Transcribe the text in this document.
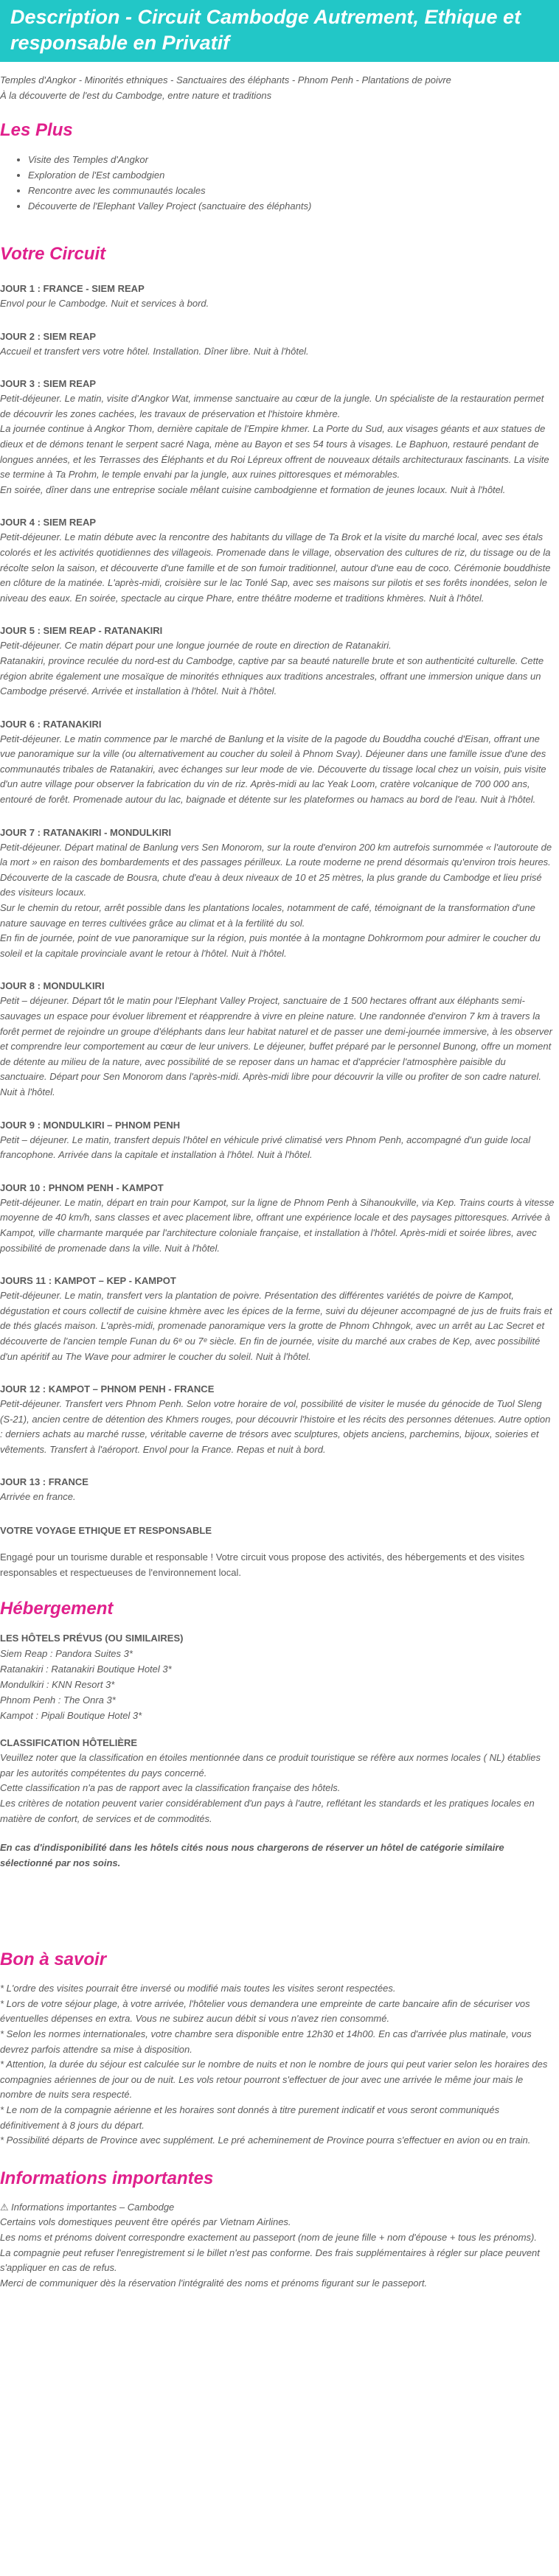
Description - Circuit Cambodge Autrement, Ethique et responsable en Privatif
Temples d'Angkor - Minorités ethniques - Sanctuaires des éléphants - Phnom Penh - Plantations de poivre
À la découverte de l'est du Cambodge, entre nature et traditions
Les Plus
• Visite des Temples d'Angkor
• Exploration de l'Est cambodgien
• Rencontre avec les communautés locales
• Découverte de l'Elephant Valley Project (sanctuaire des éléphants)
Votre Circuit
JOUR 1 : FRANCE - SIEM REAP
Envol pour le Cambodge. Nuit et services à bord.
JOUR 2 : SIEM REAP
Accueil et transfert vers votre hôtel. Installation. Dîner libre. Nuit à l'hôtel.
JOUR 3 : SIEM REAP
Petit-déjeuner. Le matin, visite d'Angkor Wat, immense sanctuaire au cœur de la jungle. Un spécialiste de la restauration permet de découvrir les zones cachées, les travaux de préservation et l'histoire khmère.
La journée continue à Angkor Thom, dernière capitale de l'Empire khmer. La Porte du Sud, aux visages géants et aux statues de dieux et de démons tenant le serpent sacré Naga, mène au Bayon et ses 54 tours à visages. Le Baphuon, restauré pendant de longues années, et les Terrasses des Éléphants et du Roi Lépreux offrent de nouveaux détails architecturaux fascinants. La visite se termine à Ta Prohm, le temple envahi par la jungle, aux ruines pittoresques et mémorables.
En soirée, dîner dans une entreprise sociale mêlant cuisine cambodgienne et formation de jeunes locaux. Nuit à l'hôtel.
JOUR 4 : SIEM REAP
Petit-déjeuner. Le matin débute avec la rencontre des habitants du village de Ta Brok et la visite du marché local, avec ses étals colorés et les activités quotidiennes des villageois. Promenade dans le village, observation des cultures de riz, du tissage ou de la récolte selon la saison, et découverte d'une famille et de son fumoir traditionnel, autour d'une eau de coco. Cérémonie bouddhiste en clôture de la matinée. L'après-midi, croisière sur le lac Tonlé Sap, avec ses maisons sur pilotis et ses forêts inondées, selon le niveau des eaux. En soirée, spectacle au cirque Phare, entre théâtre moderne et traditions khmères. Nuit à l'hôtel.
JOUR 5 : SIEM REAP - RATANAKIRI
Petit-déjeuner. Ce matin départ pour une longue journée de route en direction de Ratanakiri.
Ratanakiri, province reculée du nord-est du Cambodge, captive par sa beauté naturelle brute et son authenticité culturelle. Cette région abrite également une mosaïque de minorités ethniques aux traditions ancestrales, offrant une immersion unique dans un Cambodge préservé. Arrivée et installation à l'hôtel. Nuit à l'hôtel.
JOUR 6 : RATANAKIRI
Petit-déjeuner. Le matin commence par le marché de Banlung et la visite de la pagode du Bouddha couché d'Eisan, offrant une vue panoramique sur la ville (ou alternativement au coucher du soleil à Phnom Svay). Déjeuner dans une famille issue d'une des communautés tribales de Ratanakiri, avec échanges sur leur mode de vie. Découverte du tissage local chez un voisin, puis visite d'un autre village pour observer la fabrication du vin de riz. Après-midi au lac Yeak Loom, cratère volcanique de 700 000 ans, entouré de forêt. Promenade autour du lac, baignade et détente sur les plateformes ou hamacs au bord de l'eau. Nuit à l'hôtel.
JOUR 7 : RATANAKIRI - MONDULKIRI
Petit-déjeuner. Départ matinal de Banlung vers Sen Monorom, sur la route d'environ 200 km autrefois surnommée « l'autoroute de la mort » en raison des bombardements et des passages périlleux. La route moderne ne prend désormais qu'environ trois heures. Découverte de la cascade de Bousra, chute d'eau à deux niveaux de 10 et 25 mètres, la plus grande du Cambodge et lieu prisé des visiteurs locaux.
Sur le chemin du retour, arrêt possible dans les plantations locales, notamment de café, témoignant de la transformation d'une nature sauvage en terres cultivées grâce au climat et à la fertilité du sol.
En fin de journée, point de vue panoramique sur la région, puis montée à la montagne Dohkrormom pour admirer le coucher du soleil et la capitale provinciale avant le retour à l'hôtel. Nuit à l'hôtel.
JOUR 8 : MONDULKIRI
Petit – déjeuner. Départ tôt le matin pour l'Elephant Valley Project, sanctuaire de 1 500 hectares offrant aux éléphants semi-sauvages un espace pour évoluer librement et réapprendre à vivre en pleine nature. Une randonnée d'environ 7 km à travers la forêt permet de rejoindre un groupe d'éléphants dans leur habitat naturel et de passer une demi-journée immersive, à les observer et comprendre leur comportement au cœur de leur univers. Le déjeuner, buffet préparé par le personnel Bunong, offre un moment de détente au milieu de la nature, avec possibilité de se reposer dans un hamac et d'apprécier l'atmosphère paisible du sanctuaire. Départ pour Sen Monorom dans l'après-midi. Après-midi libre pour découvrir la ville ou profiter de son cadre naturel. Nuit à l'hôtel.
JOUR 9 : MONDULKIRI – PHNOM PENH
Petit – déjeuner. Le matin, transfert depuis l'hôtel en véhicule privé climatisé vers Phnom Penh, accompagné d'un guide local francophone. Arrivée dans la capitale et installation à l'hôtel. Nuit à l'hôtel.
JOUR 10 : PHNOM PENH - KAMPOT
Petit-déjeuner. Le matin, départ en train pour Kampot, sur la ligne de Phnom Penh à Sihanoukville, via Kep. Trains courts à vitesse moyenne de 40 km/h, sans classes et avec placement libre, offrant une expérience locale et des paysages pittoresques. Arrivée à Kampot, ville charmante marquée par l'architecture coloniale française, et installation à l'hôtel. Après-midi et soirée libres, avec possibilité de promenade dans la ville. Nuit à l'hôtel.
JOURS 11 : KAMPOT – KEP - KAMPOT
Petit-déjeuner. Le matin, transfert vers la plantation de poivre. Présentation des différentes variétés de poivre de Kampot, dégustation et cours collectif de cuisine khmère avec les épices de la ferme, suivi du déjeuner accompagné de jus de fruits frais et de thés glacés maison. L'après-midi, promenade panoramique vers la grotte de Phnom Chhngok, avec un arrêt au Lac Secret et découverte de l'ancien temple Funan du 6ᵉ ou 7ᵉ siècle. En fin de journée, visite du marché aux crabes de Kep, avec possibilité d'un apéritif au The Wave pour admirer le coucher du soleil. Nuit à l'hôtel.
JOUR 12 : KAMPOT – PHNOM PENH - FRANCE
Petit-déjeuner. Transfert vers Phnom Penh. Selon votre horaire de vol, possibilité de visiter le musée du génocide de Tuol Sleng (S-21), ancien centre de détention des Khmers rouges, pour découvrir l'histoire et les récits des personnes détenues. Autre option : derniers achats au marché russe, véritable caverne de trésors avec sculptures, objets anciens, parchemins, bijoux, soieries et vêtements. Transfert à l'aéroport. Envol pour la France. Repas et nuit à bord.
JOUR 13 : FRANCE
Arrivée en france.
VOTRE VOYAGE ETHIQUE ET RESPONSABLE

Engagé pour un tourisme durable et responsable ! Votre circuit vous propose des activités, des hébergements et des visites responsables et respectueuses de l'environnement local.

Hébergement
LES HÔTELS PRÉVUS (OU SIMILAIRES)
Siem Reap : Pandora Suites 3*
Ratanakiri : Ratanakiri Boutique Hotel 3*
Mondulkiri : KNN Resort 3*
Phnom Penh : The Onra 3*
Kampot : Pipali Boutique Hotel 3*
CLASSIFICATION HÔTELIÈRE
Veuillez noter que la classification en étoiles mentionnée dans ce produit touristique se réfère aux normes locales ( NL) établies par les autorités compétentes du pays concerné.
Cette classification n'a pas de rapport avec la classification française des hôtels.
Les critères de notation peuvent varier considérablement d'un pays à l'autre, reflétant les standards et les pratiques locales en matière de confort, de services et de commodités.
En cas d'indisponibilité dans les hôtels cités nous nous chargerons de réserver un hôtel de catégorie similaire sélectionné par nos soins.
Bon à savoir
* L'ordre des visites pourrait être inversé ou modifié mais toutes les visites seront respectées.
* Lors de votre séjour plage, à votre arrivée, l'hôtelier vous demandera une empreinte de carte bancaire afin de sécuriser vos éventuelles dépenses en extra. Vous ne subirez aucun débit si vous n'avez rien consommé.
* Selon les normes internationales, votre chambre sera disponible entre 12h30 et 14h00. En cas d'arrivée plus matinale, vous devrez parfois attendre sa mise à disposition.
* Attention, la durée du séjour est calculée sur le nombre de nuits et non le nombre de jours qui peut varier selon les horaires des compagnies aériennes de jour ou de nuit. Les vols retour pourront s'effectuer de jour avec une arrivée le même jour mais le nombre de nuits sera respecté.
* Le nom de la compagnie aérienne et les horaires sont donnés à titre purement indicatif et vous seront communiqués définitivement à 8 jours du départ.
* Possibilité départs de Province avec supplément. Le pré acheminement de Province pourra s'effectuer en avion ou en train.
Informations importantes
⚠ Informations importantes – Cambodge
Certains vols domestiques peuvent être opérés par Vietnam Airlines.
Les noms et prénoms doivent correspondre exactement au passeport (nom de jeune fille + nom d'épouse + tous les prénoms).
La compagnie peut refuser l'enregistrement si le billet n'est pas conforme. Des frais supplémentaires à régler sur place peuvent s'appliquer en cas de refus.
Merci de communiquer dès la réservation l'intégralité des noms et prénoms figurant sur le passeport.
